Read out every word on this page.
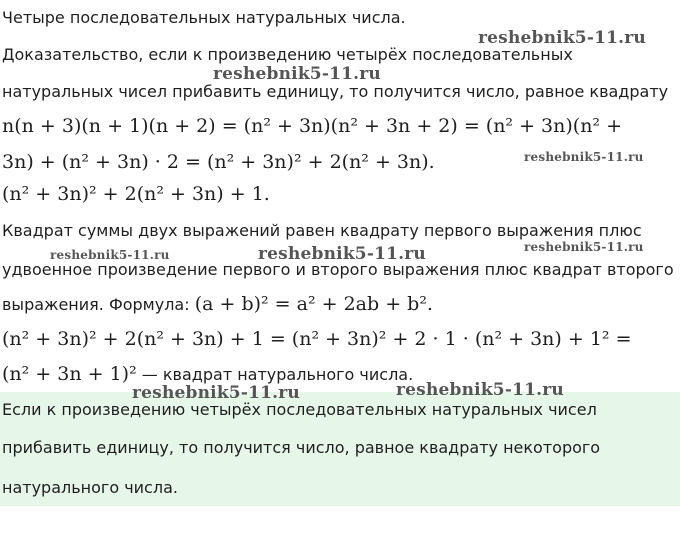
Четыре последовательных натуральных числа.
reshebnik5-11.ru
Доказательство, если к произведению четырёх последовательных
reshebnik5-11.ru
натуральных чисел прибавить единицу, то получится число, равное квадрату
n(n + 3)(n + 1)(n + 2) = (n² + 3n)(n² + 3n + 2) = (n² + 3n)(n² +
3n) + (n² + 3n) · 2 = (n² + 3n)² + 2(n² + 3n).	reshebnik5-11.ru
(n² + 3n)² + 2(n² + 3n) + 1.
Квадрат суммы двух выражений равен квадрату первого выражения плюс
reshebnik5-11.ru	reshebnik5-11.ru	reshebnik5-11.ru
удвоенное произведение первого и второго выражения плюс квадрат второго
выражения. Формула: (a + b)² = a² + 2ab + b².
(n² + 3n)² + 2(n² + 3n) + 1 = (n² + 3n)² + 2 · 1 · (n² + 3n) + 1² =
(n² + 3n + 1)² — квадрат натурального числа.
Если к произведению четырёх последовательных натуральных чисел
прибавить единицу, то получится число, равное квадрату некоторого
натурального числа.
reshebnik5-11.ru	reshebnik5-11.ru
